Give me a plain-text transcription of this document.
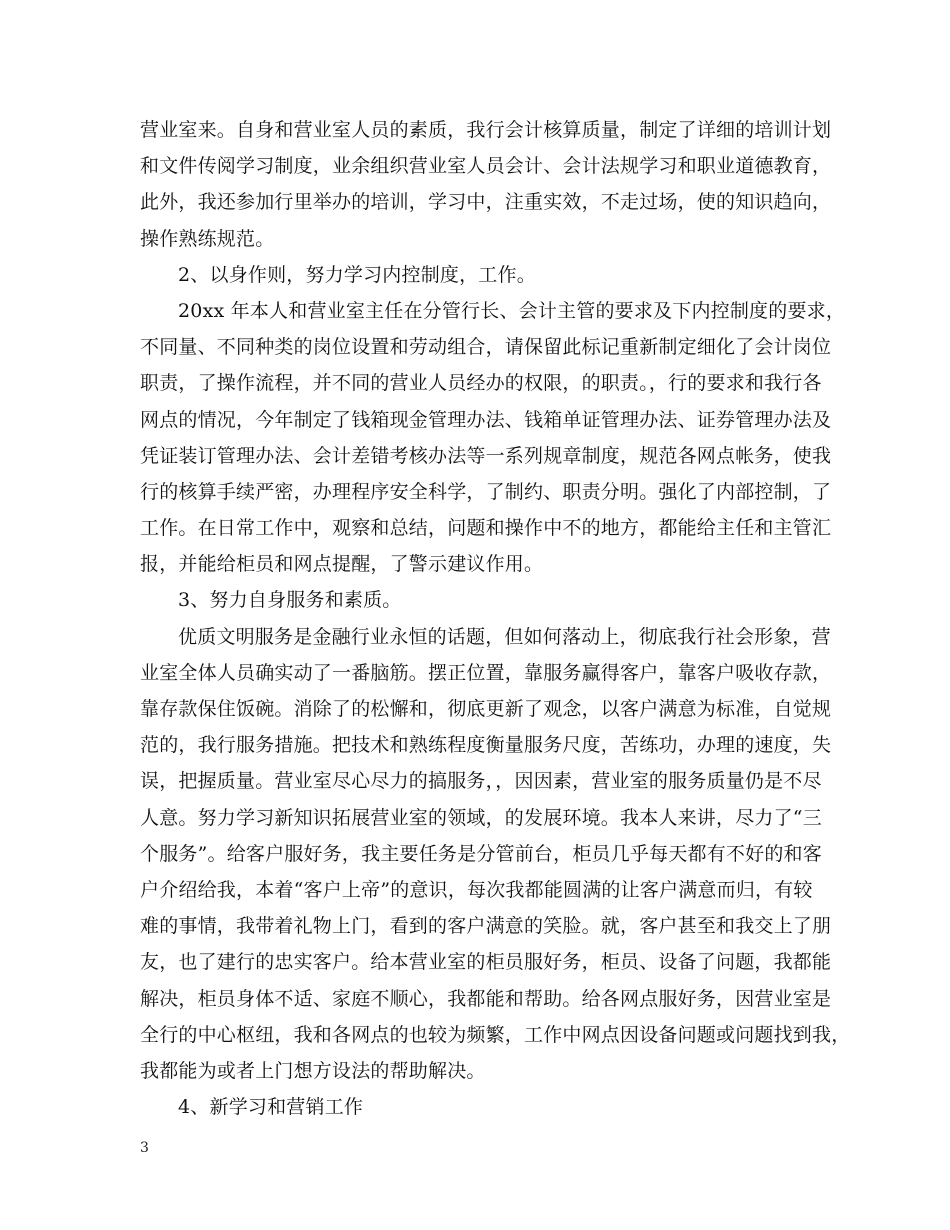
营业室来。自身和营业室人员的素质，我行会计核算质量，制定了详细的培训计划
和文件传阅学习制度，业余组织营业室人员会计、会计法规学习和职业道德教育，
此外，我还参加行里举办的培训，学习中，注重实效，不走过场，使的知识趋向，
操作熟练规范。
2、以身作则，努力学习内控制度，工作。
20xx 年本人和营业室主任在分管行长、会计主管的要求及下内控制度的要求，
不同量、不同种类的岗位设置和劳动组合，请保留此标记重新制定细化了会计岗位
职责，了操作流程，并不同的营业人员经办的权限，的职责。，行的要求和我行各
网点的情况，今年制定了钱箱现金管理办法、钱箱单证管理办法、证券管理办法及
凭证装订管理办法、会计差错考核办法等一系列规章制度，规范各网点帐务，使我
行的核算手续严密，办理程序安全科学，了制约、职责分明。强化了内部控制，了
工作。在日常工作中，观察和总结，问题和操作中不的地方，都能给主任和主管汇
报，并能给柜员和网点提醒，了警示建议作用。
3、努力自身服务和素质。
优质文明服务是金融行业永恒的话题，但如何落动上，彻底我行社会形象，营
业室全体人员确实动了一番脑筋。摆正位置，靠服务赢得客户，靠客户吸收存款，
靠存款保住饭碗。消除了的松懈和，彻底更新了观念，以客户满意为标准，自觉规
范的，我行服务措施。把技术和熟练程度衡量服务尺度，苦练功，办理的速度，失
误，把握质量。营业室尽心尽力的搞服务，，因因素，营业室的服务质量仍是不尽
人意。努力学习新知识拓展营业室的领域，的发展环境。我本人来讲，尽力了“三
个服务”。给客户服好务，我主要任务是分管前台，柜员几乎每天都有不好的和客
户介绍给我，本着“客户上帝”的意识，每次我都能圆满的让客户满意而归，有较
难的事情，我带着礼物上门，看到的客户满意的笑脸。就，客户甚至和我交上了朋
友，也了建行的忠实客户。给本营业室的柜员服好务，柜员、设备了问题，我都能
解决，柜员身体不适、家庭不顺心，我都能和帮助。给各网点服好务，因营业室是
全行的中心枢纽，我和各网点的也较为频繁，工作中网点因设备问题或问题找到我，
我都能为或者上门想方设法的帮助解决。
4、新学习和营销工作
3
